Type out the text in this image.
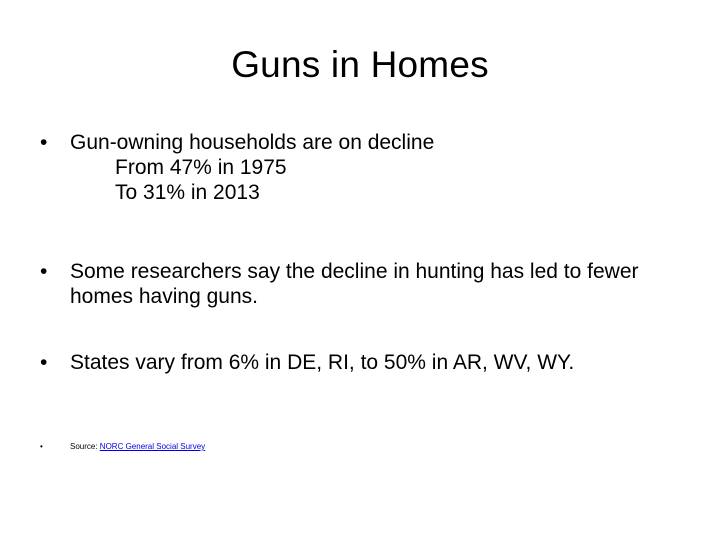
Guns in Homes
•	Gun-owning households are on decline
From 47% in 1975
To 31% in 2013
•	Some researchers say the decline in hunting has led to fewer homes having guns.
•	States vary from 6% in DE, RI, to 50% in AR, WV, WY.
•	Source: NORC General Social Survey
